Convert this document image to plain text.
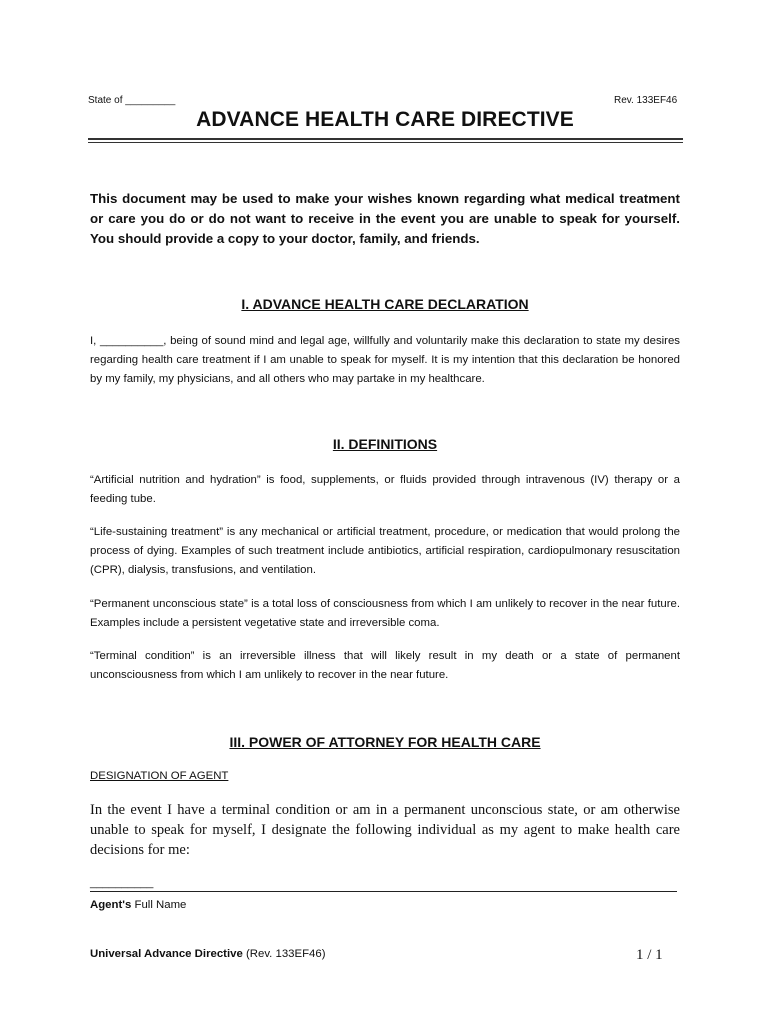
State of _________	Rev. 133EF46
ADVANCE HEALTH CARE DIRECTIVE
This document may be used to make your wishes known regarding what medical treatment or care you do or do not want to receive in the event you are unable to speak for yourself. You should provide a copy to your doctor, family, and friends.
I. ADVANCE HEALTH CARE DECLARATION
I, __________, being of sound mind and legal age, willfully and voluntarily make this declaration to state my desires regarding health care treatment if I am unable to speak for myself. It is my intention that this declaration be honored by my family, my physicians, and all others who may partake in my healthcare.
II. DEFINITIONS
“Artificial nutrition and hydration” is food, supplements, or fluids provided through intravenous (IV) therapy or a feeding tube.
“Life-sustaining treatment” is any mechanical or artificial treatment, procedure, or medication that would prolong the process of dying. Examples of such treatment include antibiotics, artificial respiration, cardiopulmonary resuscitation (CPR), dialysis, transfusions, and ventilation.
“Permanent unconscious state” is a total loss of consciousness from which I am unlikely to recover in the near future. Examples include a persistent vegetative state and irreversible coma.
“Terminal condition” is an irreversible illness that will likely result in my death or a state of permanent unconsciousness from which I am unlikely to recover in the near future.
III. POWER OF ATTORNEY FOR HEALTH CARE
DESIGNATION OF AGENT
In the event I have a terminal condition or am in a permanent unconscious state, or am otherwise unable to speak for myself, I designate the following individual as my agent to make health care decisions for me:
__________
Agent's Full Name
Universal Advance Directive (Rev. 133EF46)	1 / 1
